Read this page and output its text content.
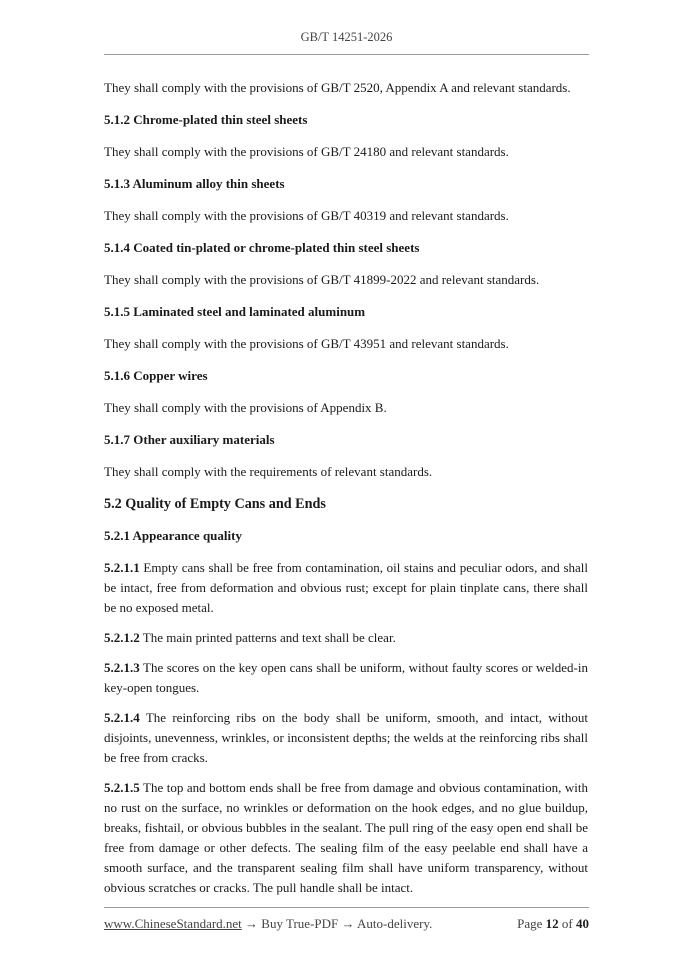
GB/T 14251-2026

They shall comply with the provisions of GB/T 2520, Appendix A and relevant standards.

5.1.2 Chrome-plated thin steel sheets

They shall comply with the provisions of GB/T 24180 and relevant standards.

5.1.3 Aluminum alloy thin sheets

They shall comply with the provisions of GB/T 40319 and relevant standards.

5.1.4 Coated tin-plated or chrome-plated thin steel sheets

They shall comply with the provisions of GB/T 41899-2022 and relevant standards.

5.1.5 Laminated steel and laminated aluminum

They shall comply with the provisions of GB/T 43951 and relevant standards.

5.1.6 Copper wires

They shall comply with the provisions of Appendix B.

5.1.7 Other auxiliary materials

They shall comply with the requirements of relevant standards.

5.2 Quality of Empty Cans and Ends

5.2.1 Appearance quality

5.2.1.1 Empty cans shall be free from contamination, oil stains and peculiar odors, and shall be intact, free from deformation and obvious rust; except for plain tinplate cans, there shall be no exposed metal.

5.2.1.2 The main printed patterns and text shall be clear.

5.2.1.3 The scores on the key open cans shall be uniform, without faulty scores or welded-in key-open tongues.

5.2.1.4 The reinforcing ribs on the body shall be uniform, smooth, and intact, without disjoints, unevenness, wrinkles, or inconsistent depths; the welds at the reinforcing ribs shall be free from cracks.

5.2.1.5 The top and bottom ends shall be free from damage and obvious contamination, with no rust on the surface, no wrinkles or deformation on the hook edges, and no glue buildup, breaks, fishtail, or obvious bubbles in the sealant. The pull ring of the easy open end shall be free from damage or other defects. The sealing film of the easy peelable end shall have a smooth surface, and the transparent sealing film shall have uniform transparency, without obvious scratches or cracks. The pull handle shall be intact.

www.ChineseStandard.net → Buy True-PDF → Auto-delivery.	Page 12 of 40
